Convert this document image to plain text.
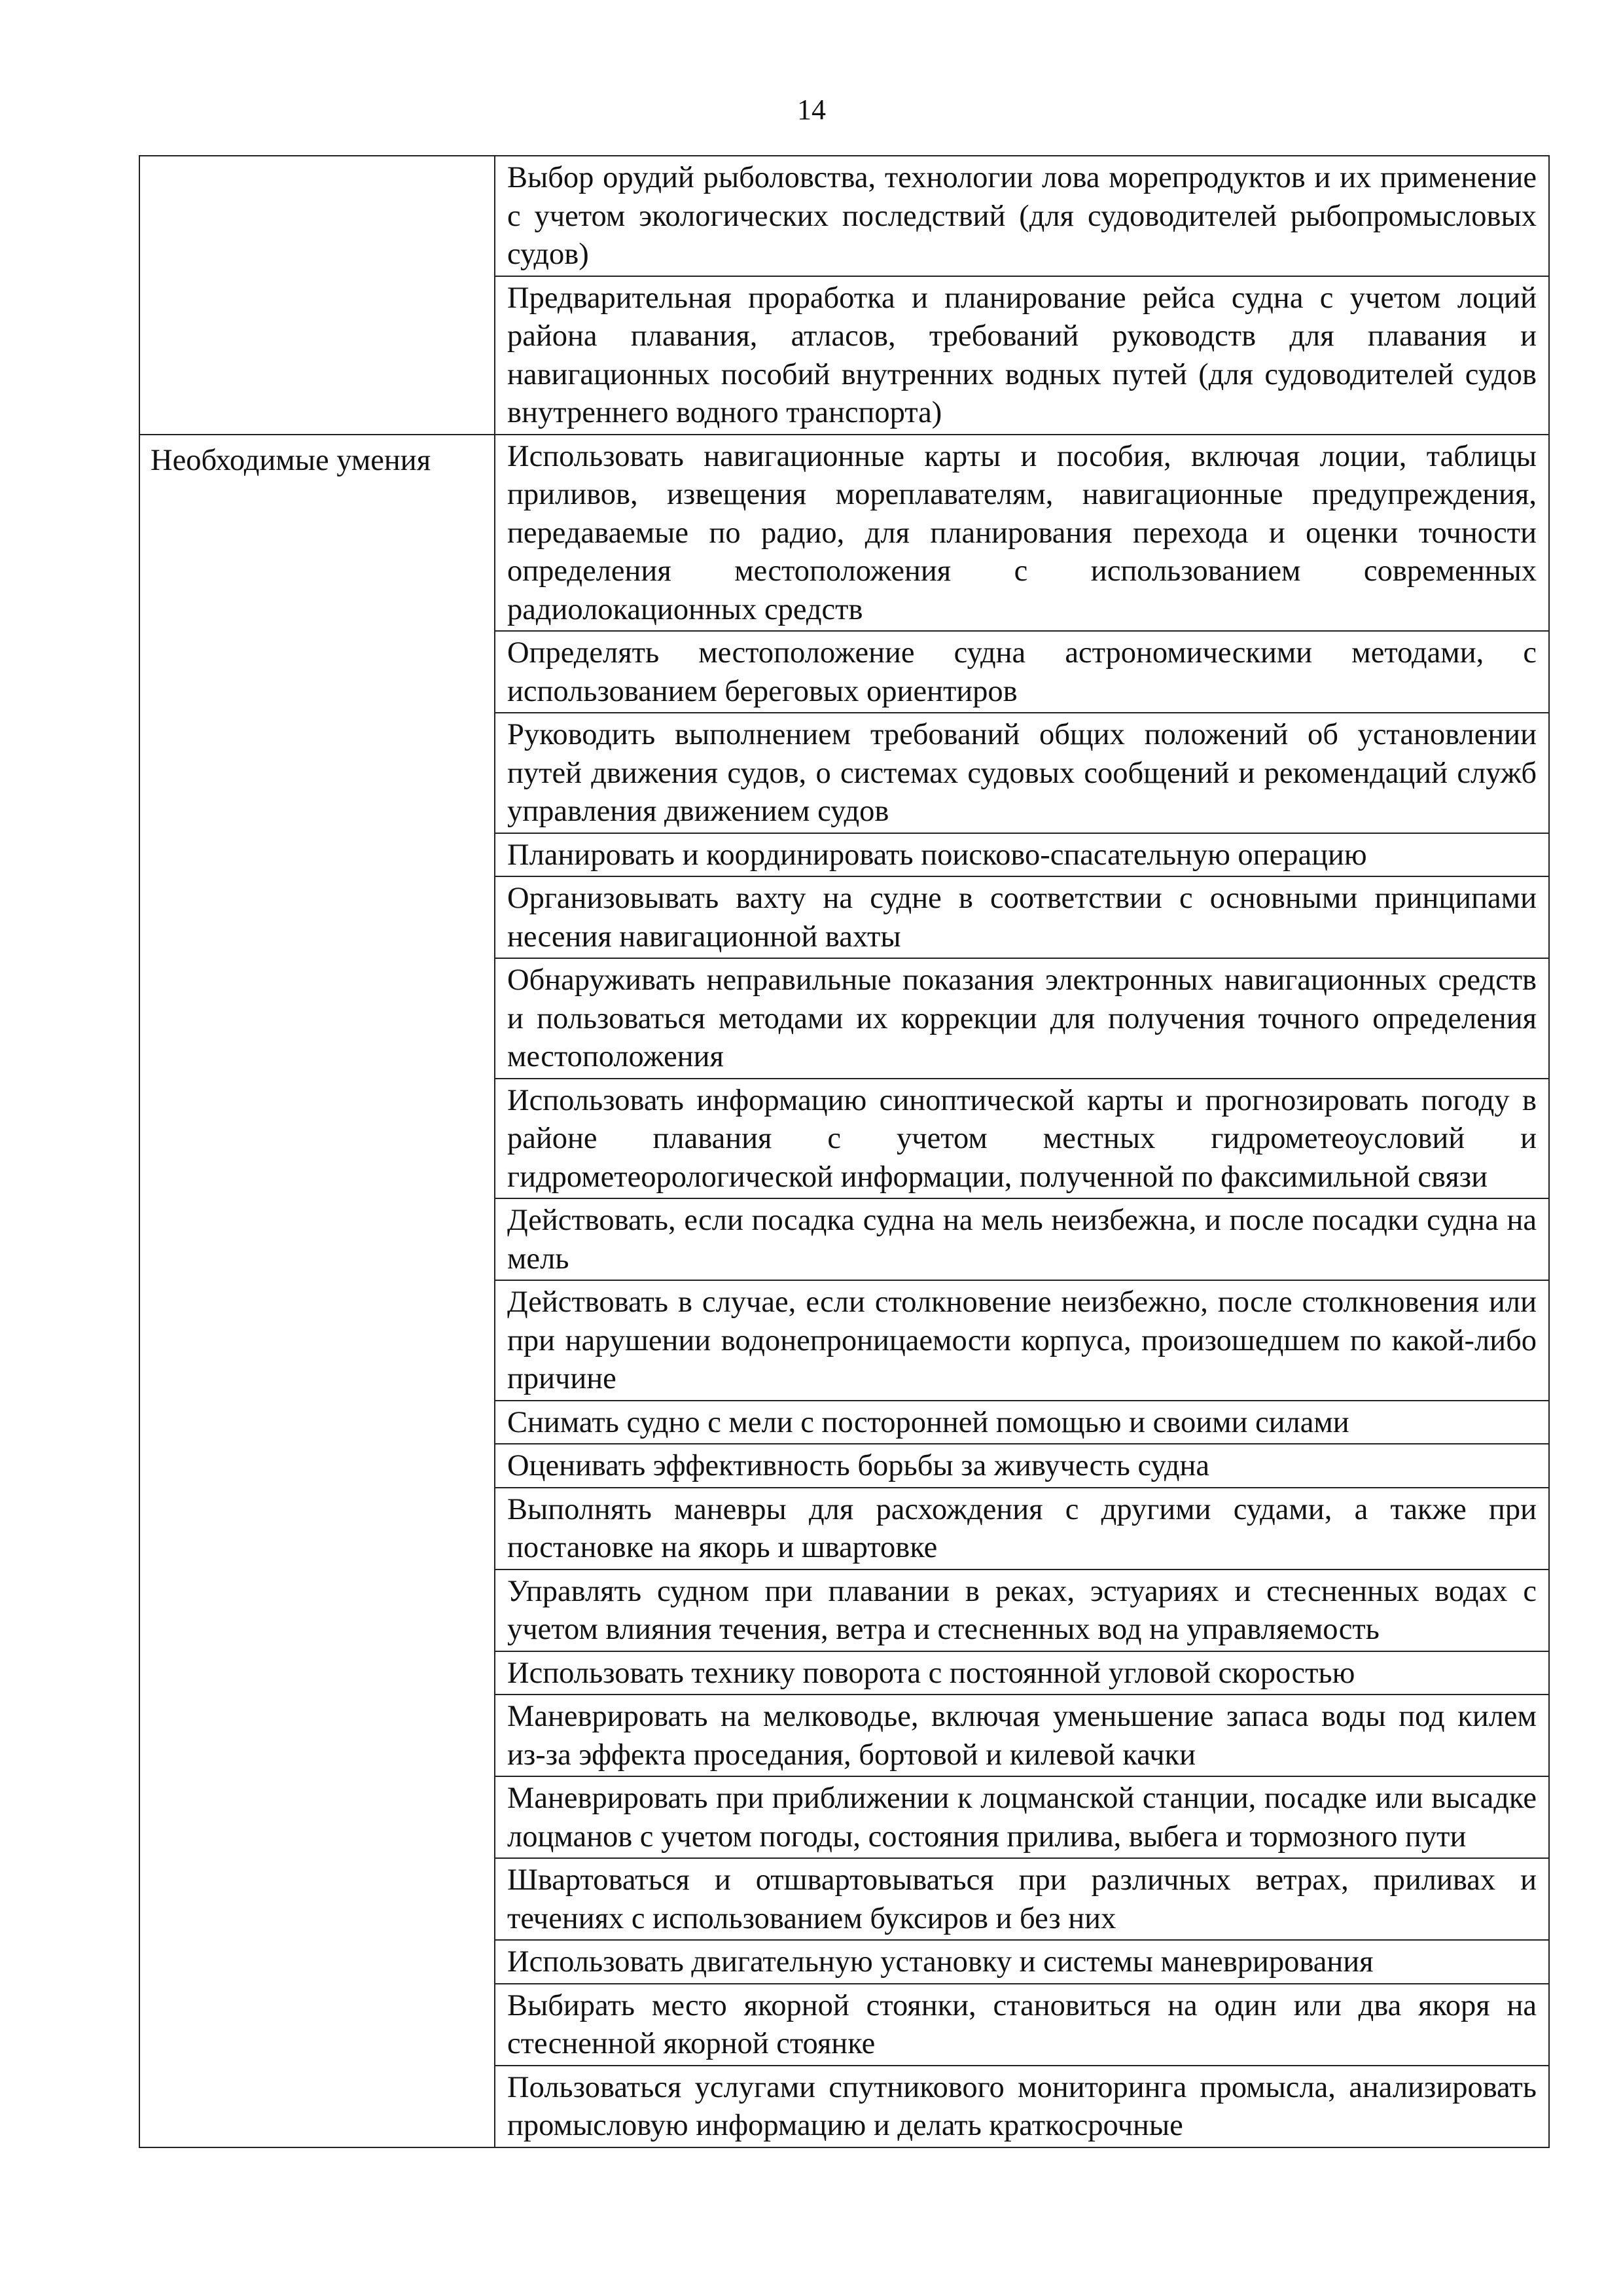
14
	Выбор орудий рыболовства, технологии лова морепродуктов и их применение с учетом экологических последствий (для судоводителей рыбопромысловых судов)
	Предварительная проработка и планирование рейса судна с учетом лоций района плавания, атласов, требований руководств для плавания и навигационных пособий внутренних водных путей (для судоводителей судов внутреннего водного транспорта)
Необходимые умения	Использовать навигационные карты и пособия, включая лоции, таблицы приливов, извещения мореплавателям, навигационные предупреждения, передаваемые по радио, для планирования перехода и оценки точности определения местоположения с использованием современных радиолокационных средств
	Определять местоположение судна астрономическими методами, с использованием береговых ориентиров
	Руководить выполнением требований общих положений об установлении путей движения судов, о системах судовых сообщений и рекомендаций служб управления движением судов
	Планировать и координировать поисково-спасательную операцию
	Организовывать вахту на судне в соответствии с основными принципами несения навигационной вахты
	Обнаруживать неправильные показания электронных навигационных средств и пользоваться методами их коррекции для получения точного определения местоположения
	Использовать информацию синоптической карты и прогнозировать погоду в районе плавания с учетом местных гидрометеоусловий и гидрометеорологической информации, полученной по факсимильной связи
	Действовать, если посадка судна на мель неизбежна, и после посадки судна на мель
	Действовать в случае, если столкновение неизбежно, после столкновения или при нарушении водонепроницаемости корпуса, произошедшем по какой-либо причине
	Снимать судно с мели с посторонней помощью и своими силами
	Оценивать эффективность борьбы за живучесть судна
	Выполнять маневры для расхождения с другими судами, а также при постановке на якорь и швартовке
	Управлять судном при плавании в реках, эстуариях и стесненных водах с учетом влияния течения, ветра и стесненных вод на управляемость
	Использовать технику поворота с постоянной угловой скоростью
	Маневрировать на мелководье, включая уменьшение запаса воды под килем из-за эффекта проседания, бортовой и килевой качки
	Маневрировать при приближении к лоцманской станции, посадке или высадке лоцманов с учетом погоды, состояния прилива, выбега и тормозного пути
	Швартоваться и отшвартовываться при различных ветрах, приливах и течениях с использованием буксиров и без них
	Использовать двигательную установку и системы маневрирования
	Выбирать место якорной стоянки, становиться на один или два якоря на стесненной якорной стоянке
	Пользоваться услугами спутникового мониторинга промысла, анализировать промысловую информацию и делать краткосрочные
